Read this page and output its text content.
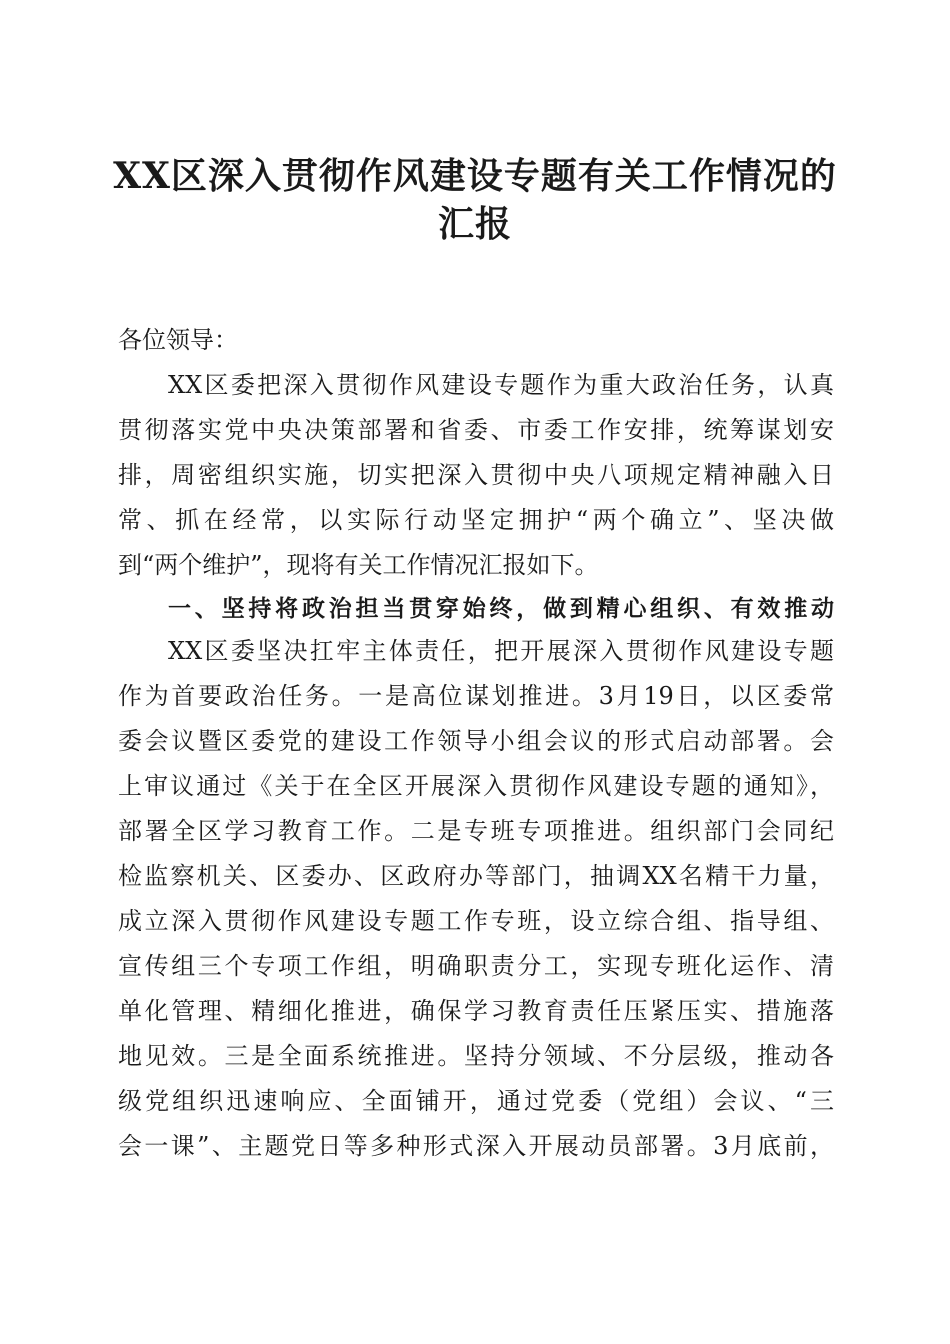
XX区深入贯彻作风建设专题有关工作情况的
汇报
各位领导：
XX区委把深入贯彻作风建设专题作为重大政治任务，认真
贯彻落实党中央决策部署和省委、市委工作安排，统筹谋划安
排，周密组织实施，切实把深入贯彻中央八项规定精神融入日
常、抓在经常，以实际行动坚定拥护“两个确立”、坚决做
到“两个维护”，现将有关工作情况汇报如下。
一、坚持将政治担当贯穿始终，做到精心组织、有效推动
XX区委坚决扛牢主体责任，把开展深入贯彻作风建设专题
作为首要政治任务。一是高位谋划推进。3月19日，以区委常
委会议暨区委党的建设工作领导小组会议的形式启动部署。会
上审议通过《关于在全区开展深入贯彻作风建设专题的通知》，
部署全区学习教育工作。二是专班专项推进。组织部门会同纪
检监察机关、区委办、区政府办等部门，抽调XX名精干力量，
成立深入贯彻作风建设专题工作专班，设立综合组、指导组、
宣传组三个专项工作组，明确职责分工，实现专班化运作、清
单化管理、精细化推进，确保学习教育责任压紧压实、措施落
地见效。三是全面系统推进。坚持分领域、不分层级，推动各
级党组织迅速响应、全面铺开，通过党委（党组）会议、“三
会一课”、主题党日等多种形式深入开展动员部署。3月底前，
